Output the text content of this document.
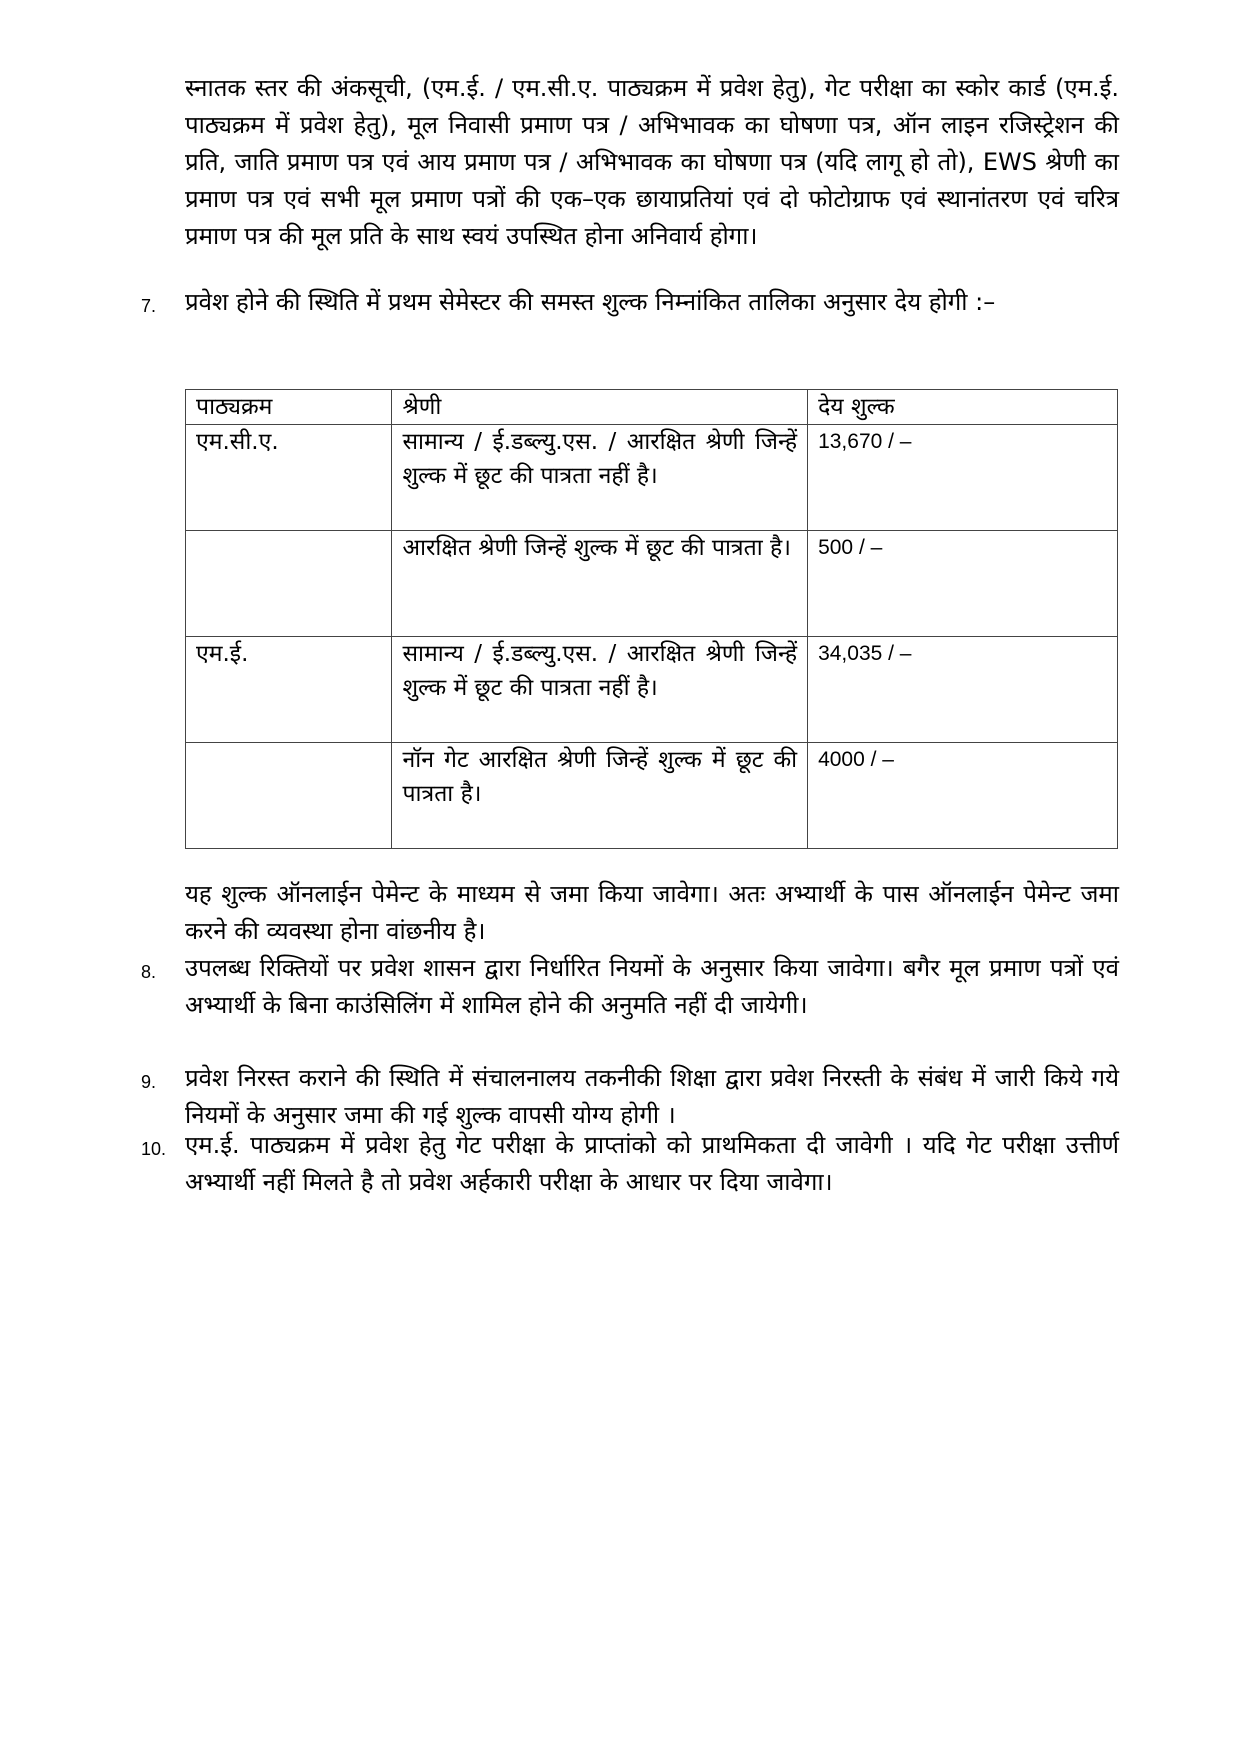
स्नातक स्तर की अंकसूची, (एम.ई. / एम.सी.ए. पाठ्यक्रम में प्रवेश हेतु), गेट परीक्षा का स्कोर कार्ड (एम.ई. पाठ्यक्रम में प्रवेश हेतु), मूल निवासी प्रमाण पत्र / अभिभावक का घोषणा पत्र, ऑन लाइन रजिस्ट्रेशन की प्रति, जाति प्रमाण पत्र एवं आय प्रमाण पत्र / अभिभावक का घोषणा पत्र (यदि लागू हो तो), EWS श्रेणी का प्रमाण पत्र एवं सभी मूल प्रमाण पत्रों की एक–एक छायाप्रतियां एवं दो फोटोग्राफ एवं स्थानांतरण एवं चरित्र प्रमाण पत्र की मूल प्रति के साथ स्वयं उपस्थित होना अनिवार्य होगा।
7.	प्रवेश होने की स्थिति में प्रथम सेमेस्टर की समस्त शुल्क निम्नांकित तालिका अनुसार देय होगी :–
पाठ्यक्रम	श्रेणी	देय शुल्क
एम.सी.ए.	सामान्य / ई.डब्ल्यु.एस. / आरक्षित श्रेणी जिन्हें शुल्क में छूट की पात्रता नहीं है।	13,670 / –
	आरक्षित श्रेणी जिन्हें शुल्क में छूट की पात्रता है।	500 / –
एम.ई.	सामान्य / ई.डब्ल्यु.एस. / आरक्षित श्रेणी जिन्हें शुल्क में छूट की पात्रता नहीं है।	34,035 / –
	नॉन गेट आरक्षित श्रेणी जिन्हें शुल्क में छूट की पात्रता है।	4000 / –
यह शुल्क ऑनलाईन पेमेन्ट के माध्यम से जमा किया जावेगा। अतः अभ्यार्थी के पास ऑनलाईन पेमेन्ट जमा करने की व्यवस्था होना वांछनीय है।
8.	उपलब्ध रिक्तियों पर प्रवेश शासन द्वारा निर्धारित नियमों के अनुसार किया जावेगा। बगैर मूल प्रमाण पत्रों एवं अभ्यार्थी के बिना काउंसिलिंग में शामिल होने की अनुमति नहीं दी जायेगी।
9.	प्रवेश निरस्त कराने की स्थिति में संचालनालय तकनीकी शिक्षा द्वारा प्रवेश निरस्ती के संबंध में जारी किये गये नियमों के अनुसार जमा की गई शुल्क वापसी योग्य होगी ।
10. एम.ई. पाठ्यक्रम में प्रवेश हेतु गेट परीक्षा के प्राप्तांको को प्राथमिकता दी जावेगी । यदि गेट परीक्षा उत्तीर्ण अभ्यार्थी नहीं मिलते है तो प्रवेश अर्हकारी परीक्षा के आधार पर दिया जावेगा।
